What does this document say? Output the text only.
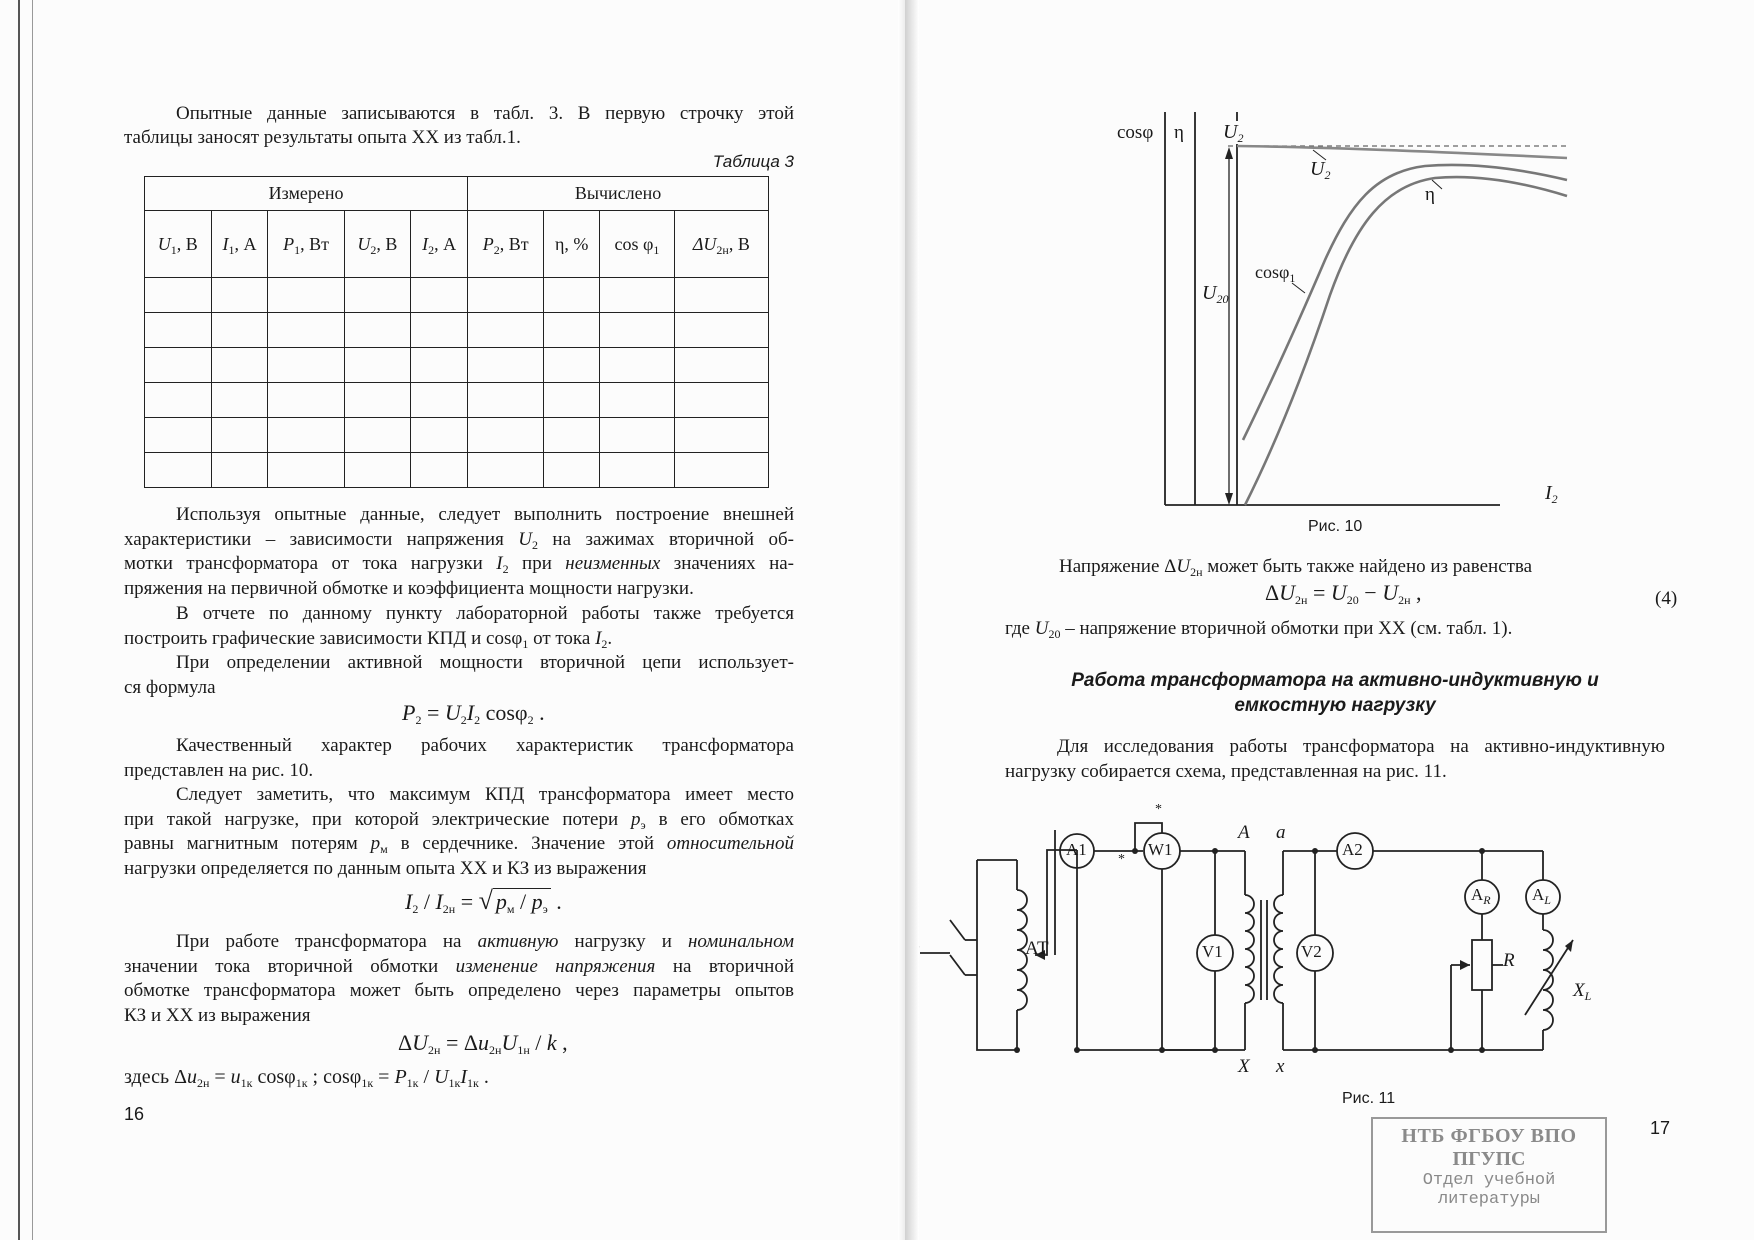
Опытные данные записываются в табл. 3. В первую строчку этой
таблицы заносят результаты опыта ХХ из табл.1.
Таблица 3
Измерено					Вычислено			
$U_1$, В	$I_1$, А	$P_1$, Вт	$U_2$, В	$I_2$, А	$P_2$, Вт	η, %	$\cos \varphi_1$	$\Delta U_{2н}$, В

Используя опытные данные, следует выполнить построение внешней
характеристики – зависимости напряжения $U_2$ на зажимах вторичной об-
мотки трансформатора от тока нагрузки $I_2$ при неизменных значениях на-
пряжения на первичной обмотке и коэффициента мощности нагрузки.
В отчете по данному пункту лабораторной работы также требуется
построить графические зависимости КПД и cosφ$_1$ от тока $I_2$.
При определении активной мощности вторичной цепи использует-
ся формула
$P_2 = U_2I_2$ cosφ$_2$ .
Качественный характер рабочих характеристик трансформатора
представлен на рис. 10.
Следует заметить, что максимум КПД трансформатора имеет место
при такой нагрузке, при которой электрические потери $p_э$ в его обмотках
равны магнитным потерям $p_м$ в сердечнике. Значение этой относительной
нагрузки определяется по данным опыта ХХ и КЗ из выражения
$I_2 / I_{2н}$ = √ $p_м / p_э$ .
При работе трансформатора на активную нагрузку и номинальном
значении тока вторичной обмотки изменение напряжения на вторичной
обмотке трансформатора может быть определено через параметры опытов
КЗ и ХХ из выражения
$\Delta U_{2н} = \Delta u_{2н}U_{1н} / k$ ,
здесь $\Delta u_{2н} = u_{1к}$ cosφ$_{1к}$ ; $\cos\varphi_{1к} = P_{1к} / U_{1к}I_{1к}$ .
16
cosφ η $U_2$
$U_2$
η
cosφ$_1$
$U_{20}$
$I_2$
Рис. 10
Напряжение $\Delta U_{2н}$ может быть также найдено из равенства
$\Delta U_{2н} = U_{20} - U_{2н}$ ,	(4)
где $U_{20}$ – напряжение вторичной обмотки при ХХ (см. табл. 1).
Работа трансформатора на активно-индуктивную и
емкостную нагрузку
Для исследования работы трансформатора на активно-индуктивную
нагрузку собирается схема, представленная на рис. 11.
АТ
A1	W1
V1	V2
A2
$A_R$ $A_L$
R
$X_L$
*
*
A a
X x
Рис. 11
17
НТБ ФГБОУ ВПО
ПГУПС
Отдел учебной
литературы
